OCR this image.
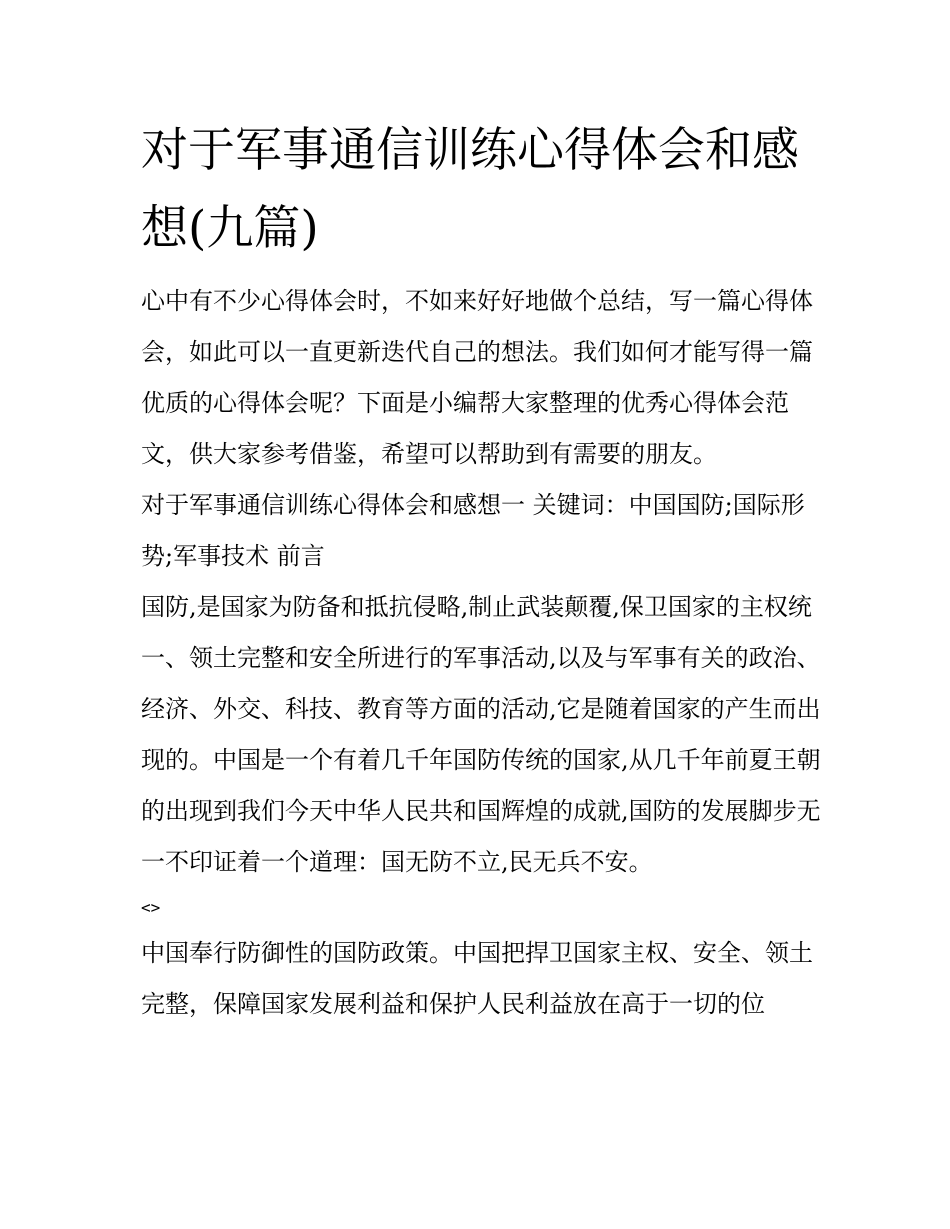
对于军事通信训练心得体会和感想(九篇)

心中有不少心得体会时，不如来好好地做个总结，写一篇心得体会，如此可以一直更新迭代自己的想法。我们如何才能写得一篇优质的心得体会呢？下面是小编帮大家整理的优秀心得体会范文，供大家参考借鉴，希望可以帮助到有需要的朋友。

对于军事通信训练心得体会和感想一 关键词：中国国防;国际形势;军事技术 前言

国防,是国家为防备和抵抗侵略,制止武装颠覆,保卫国家的主权统一、领土完整和安全所进行的军事活动,以及与军事有关的政治、经济、外交、科技、教育等方面的活动,它是随着国家的产生而出现的。中国是一个有着几千年国防传统的国家,从几千年前夏王朝的出现到我们今天中华人民共和国辉煌的成就,国防的发展脚步无一不印证着一个道理：国无防不立,民无兵不安。

<>

中国奉行防御性的国防政策。中国把捍卫国家主权、安全、领土完整，保障国家发展利益和保护人民利益放在高于一切的位
